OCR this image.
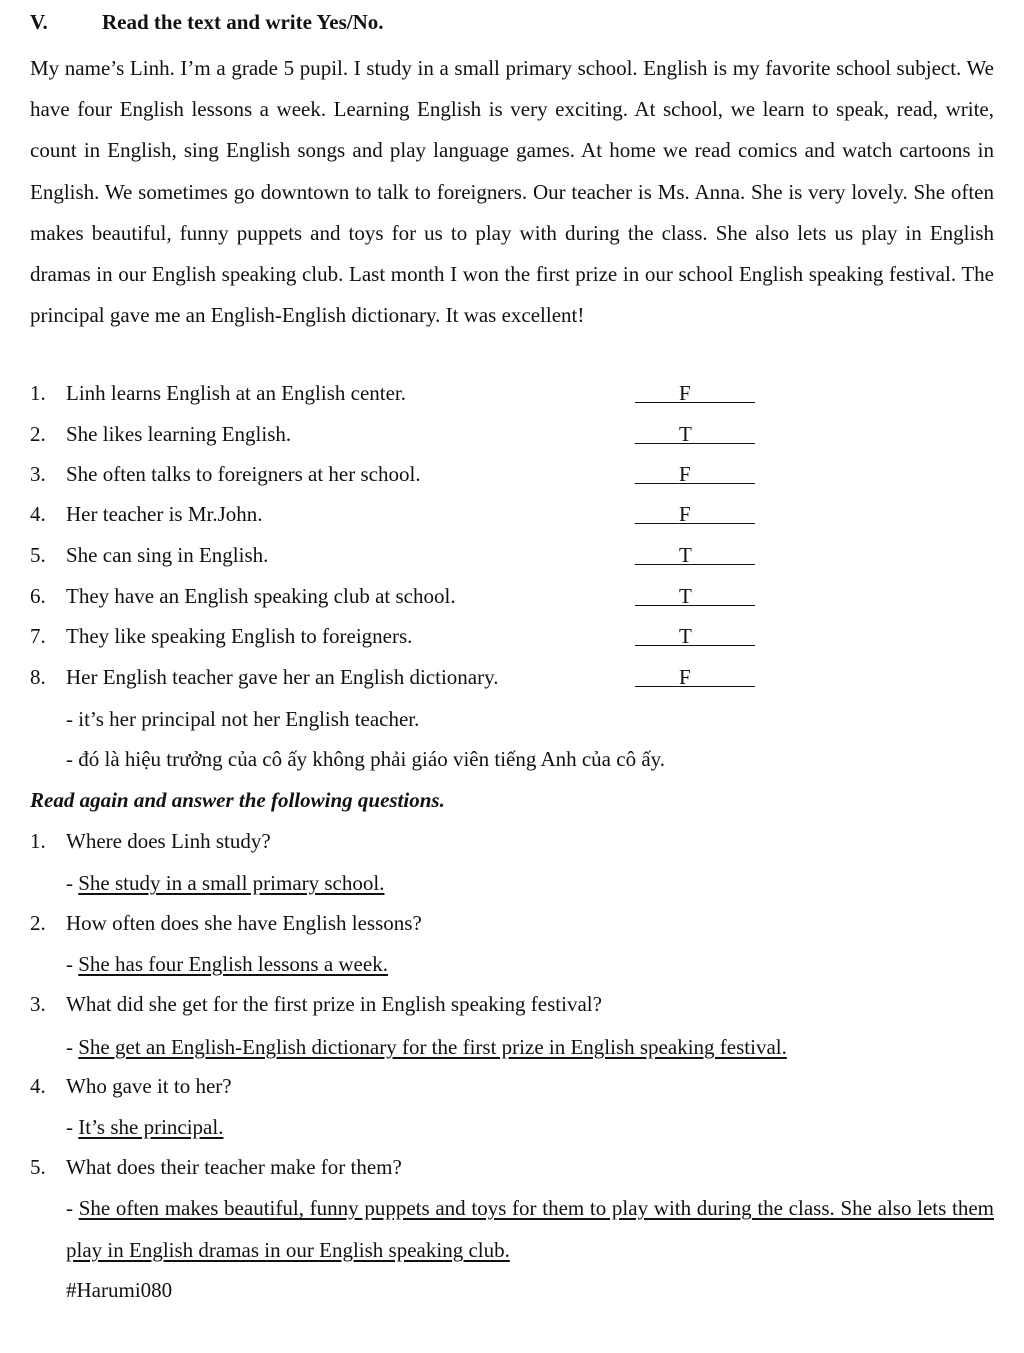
V.	Read the text and write Yes/No.
My name’s Linh. I’m a grade 5 pupil. I study in a small primary school. English is my favorite school subject. We have four English lessons a week. Learning English is very exciting. At school, we learn to speak, read, write, count in English, sing English songs and play language games. At home we read comics and watch cartoons in English. We sometimes go downtown to talk to foreigners. Our teacher is Ms. Anna. She is very lovely. She often makes beautiful, funny puppets and toys for us to play with during the class. She also lets us play in English dramas in our English speaking club. Last month I won the first prize in our school English speaking festival. The principal gave me an English-English dictionary. It was excellent!
1. Linh learns English at an English center.	F
2. She likes learning English.	T
3. She often talks to foreigners at her school.	F
4. Her teacher is Mr.John.	F
5. She can sing in English.	T
6. They have an English speaking club at school.	T
7. They like speaking English to foreigners.	T
8. Her English teacher gave her an English dictionary.	F
- it’s her principal not her English teacher.
- đó là hiệu trưởng của cô ấy không phải giáo viên tiếng Anh của cô ấy.
Read again and answer the following questions.
1. Where does Linh study?
- She study in a small primary school.
2. How often does she have English lessons?
- She has four English lessons a week.
3. What did she get for the first prize in English speaking festival?
- She get an English-English dictionary for the first prize in English speaking festival.
4. Who gave it to her?
- It’s she principal.
5. What does their teacher make for them?
- She often makes beautiful, funny puppets and toys for them to play with during the class. She also lets them play in English dramas in our English speaking club.
#Harumi080
